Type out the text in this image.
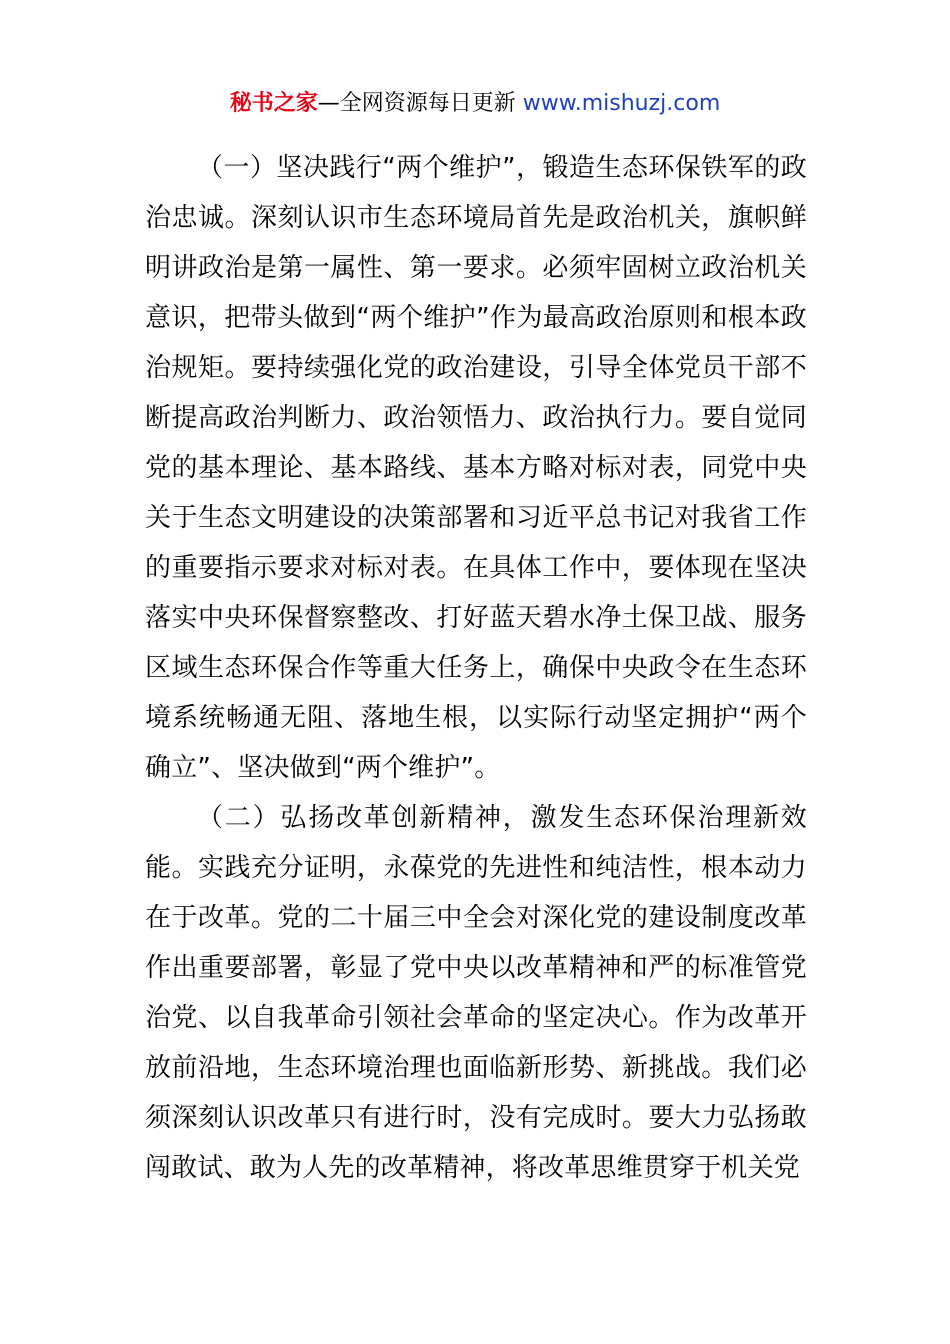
秘书之家—全网资源每日更新 www.mishuzj.com

（一）坚决践行“两个维护”，锻造生态环保铁军的政治忠诚。深刻认识市生态环境局首先是政治机关，旗帜鲜明讲政治是第一属性、第一要求。必须牢固树立政治机关意识，把带头做到“两个维护”作为最高政治原则和根本政治规矩。要持续强化党的政治建设，引导全体党员干部不断提高政治判断力、政治领悟力、政治执行力。要自觉同党的基本理论、基本路线、基本方略对标对表，同党中央关于生态文明建设的决策部署和习近平总书记对我省工作的重要指示要求对标对表。在具体工作中，要体现在坚决落实中央环保督察整改、打好蓝天碧水净土保卫战、服务区域生态环保合作等重大任务上，确保中央政令在生态环境系统畅通无阻、落地生根，以实际行动坚定拥护“两个确立”、坚决做到“两个维护”。

（二）弘扬改革创新精神，激发生态环保治理新效能。实践充分证明，永葆党的先进性和纯洁性，根本动力在于改革。党的二十届三中全会对深化党的建设制度改革作出重要部署，彰显了党中央以改革精神和严的标准管党治党、以自我革命引领社会革命的坚定决心。作为改革开放前沿地，生态环境治理也面临新形势、新挑战。我们必须深刻认识改革只有进行时，没有完成时。要大力弘扬敢闯敢试、敢为人先的改革精神，将改革思维贯穿于机关党
